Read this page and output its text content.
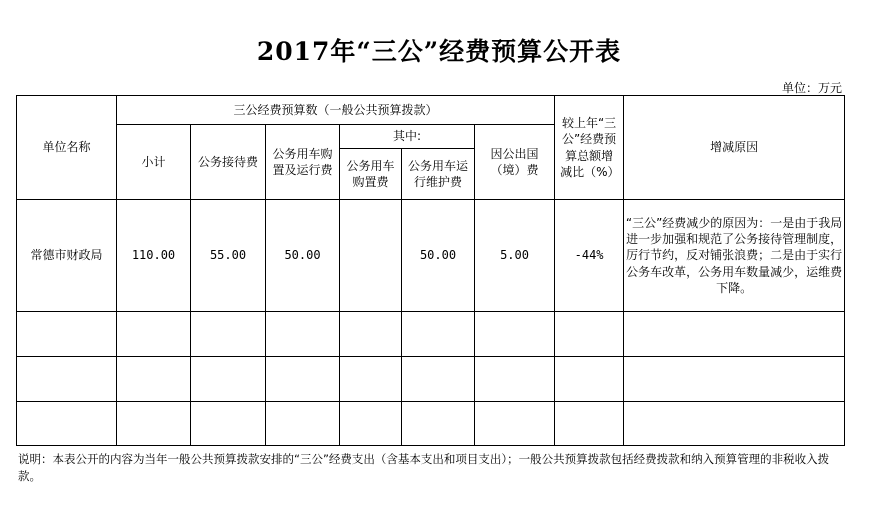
2017年“三公”经费预算公开表
单位：万元
单位名称	三公经费预算数（一般公共预算拨款）						较上年“三公”经费预算总额增减比（%）	增减原因
	小计	公务接待费	公务用车购置及运行费	其中:		因公出国（境）费		
				公务用车购置费	公务用车运行维护费			
常德市财政局	110.00	55.00	50.00		50.00	5.00	-44%	“三公”经费减少的原因为：一是由于我局进一步加强和规范了公务接待管理制度，厉行节约，反对铺张浪费；二是由于实行公务车改革，公务用车数量减少，运维费下降。

说明：本表公开的内容为当年一般公共预算拨款安排的“三公”经费支出（含基本支出和项目支出）；一般公共预算拨款包括经费拨款和纳入预算管理的非税收入拨款。
